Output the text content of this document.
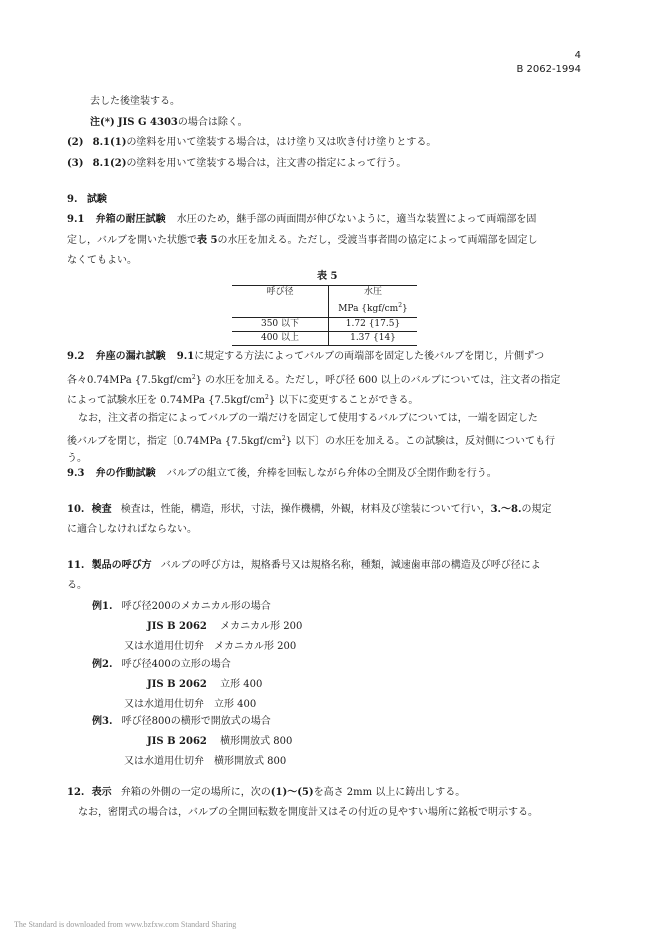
4
B 2062-1994
去した後塗装する。
注(*) JIS G 4303の場合は除く。
(2) 8.1(1)の塗料を用いて塗装する場合は，はけ塗り又は吹き付け塗りとする。
(3) 8.1(2)の塗料を用いて塗装する場合は，注文書の指定によって行う。
9. 試験
9.1 弁箱の耐圧試験 水圧のため，継手部の両面間が伸びないように，適当な装置によって両端部を固
定し，バルブを開いた状態で表 5の水圧を加える。ただし，受渡当事者間の協定によって両端部を固定し
なくてもよい。
表 5
呼び径	水圧
	MPa $\{kgf/cm^2\}$
350 以下	1.72 {17.5}
400 以上	1.37 {14}
9.2 弁座の漏れ試験 9.1に規定する方法によってバルブの両端部を固定した後バルブを閉じ，片側ずつ
各々0.74MPa $\{7.5kgf/cm^2\}$ の水圧を加える。ただし，呼び径 600 以上のバルブについては，注文者の指定
によって試験水圧を 0.74MPa $\{7.5kgf/cm^2\}$ 以下に変更することができる。
なお，注文者の指定によってバルブの一端だけを固定して使用するバルブについては，一端を固定した
後バルブを閉じ，指定〔0.74MPa $\{7.5kgf/cm^2\}$ 以下〕の水圧を加える。この試験は，反対側についても行
う。
9.3 弁の作動試験 バルブの組立て後，弁棒を回転しながら弁体の全開及び全閉作動を行う。
10. 検査 検査は，性能，構造，形状，寸法，操作機構，外観，材料及び塗装について行い，3.～8.の規定
に適合しなければならない。
11. 製品の呼び方 バルブの呼び方は，規格番号又は規格名称，種類，減速歯車部の構造及び呼び径によ
る。
例1. 呼び径200のメカニカル形の場合
JIS B 2062 メカニカル形 200
又は水道用仕切弁　メカニカル形 200
例2. 呼び径400の立形の場合
JIS B 2062 立形 400
又は水道用仕切弁　立形 400
例3. 呼び径800の横形で開放式の場合
JIS B 2062 横形開放式 800
又は水道用仕切弁　横形開放式 800
12. 表示 弁箱の外側の一定の場所に，次の(1)～(5)を高さ 2mm 以上に鋳出しする。
なお，密閉式の場合は，バルブの全開回転数を開度計又はその付近の見やすい場所に銘板で明示する。
The Standard is downloaded from www.bzfxw.com Standard Sharing
